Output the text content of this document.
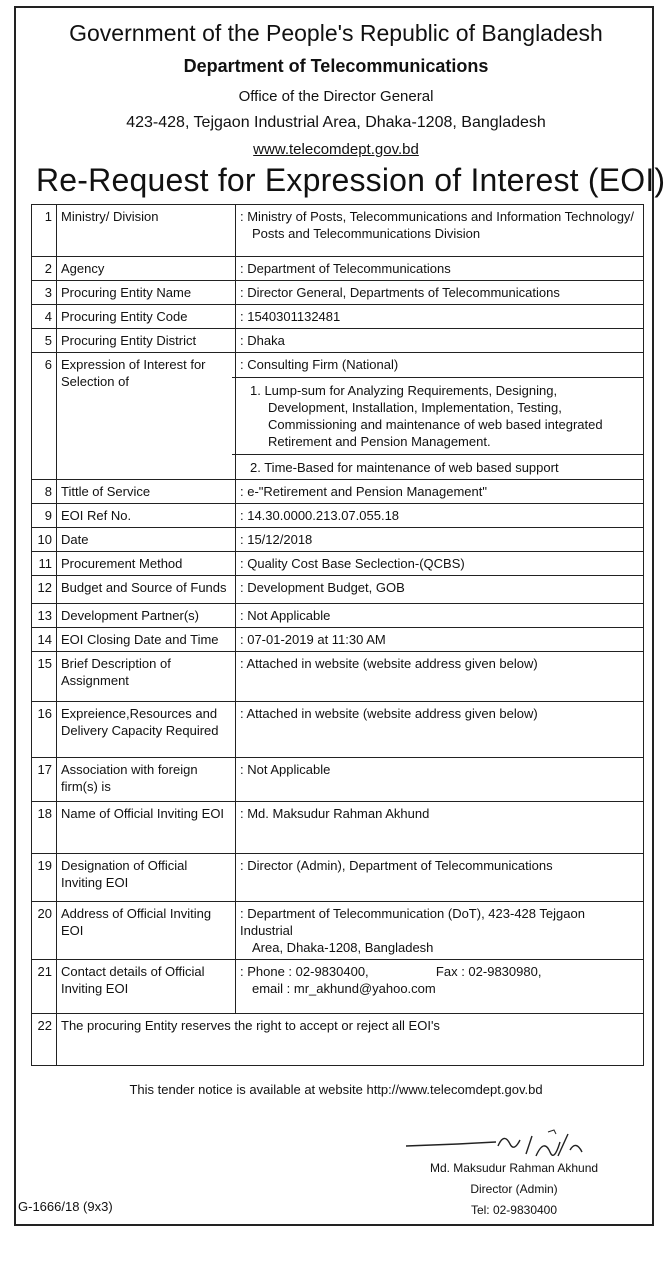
Government of the People's Republic of Bangladesh
Department of Telecommunications
Office of the Director General
423-428, Tejgaon Industrial Area, Dhaka-1208, Bangladesh
www.telecomdept.gov.bd
Re-Request for Expression of Interest (EOI)
1	Ministry/ Division	: Ministry of Posts, Telecommunications and Information Technology/
Posts and Telecommunications Division

2	Agency	: Department of Telecommunications
3	Procuring Entity Name	: Director General, Departments of Telecommunications
4	Procuring Entity Code	: 1540301132481
5	Procuring Entity District	: Dhaka
6	Expression of Interest for Selection of	: Consulting Firm (National)
1. Lump-sum for Analyzing Requirements, Designing, Development, Installation, Implementation, Testing, Commissioning and maintenance of web based integrated Retirement and Pension Management.
2. Time-Based for maintenance of web based support

8	Tittle of Service	: e-"Retirement and Pension Management"
9	EOI Ref No.	: 14.30.0000.213.07.055.18
10	Date	: 15/12/2018
11	Procurement Method	: Quality Cost Base Seclection-(QCBS)
12	Budget and Source of Funds	: Development Budget, GOB
13	Development Partner(s)	: Not Applicable
14	EOI Closing Date and Time	: 07-01-2019 at 11:30 AM
15	Brief Description of Assignment	: Attached in website (website address given below)
16	Expreience,Resources and Delivery Capacity Required	: Attached in website (website address given below)
17	Association with foreign firm(s) is	: Not Applicable
18	Name of Official Inviting EOI	: Md. Maksudur Rahman Akhund
19	Designation of Official Inviting EOI	: Director (Admin), Department of Telecommunications
20	Address of Official Inviting EOI	: Department of Telecommunication (DoT), 423-428 Tejgaon Industrial
Area, Dhaka-1208, Bangladesh

21	Contact details of Official Inviting EOI	: Phone : 02-9830400, Fax : 02-9830980,
email : mr_akhund@yahoo.com

22	The procuring Entity reserves the right to accept or reject all EOI's	
This tender notice is available at website http://www.telecomdept.gov.bd
Md. Maksudur Rahman Akhund
Director (Admin)
Tel: 02-9830400
G-1666/18 (9x3)
